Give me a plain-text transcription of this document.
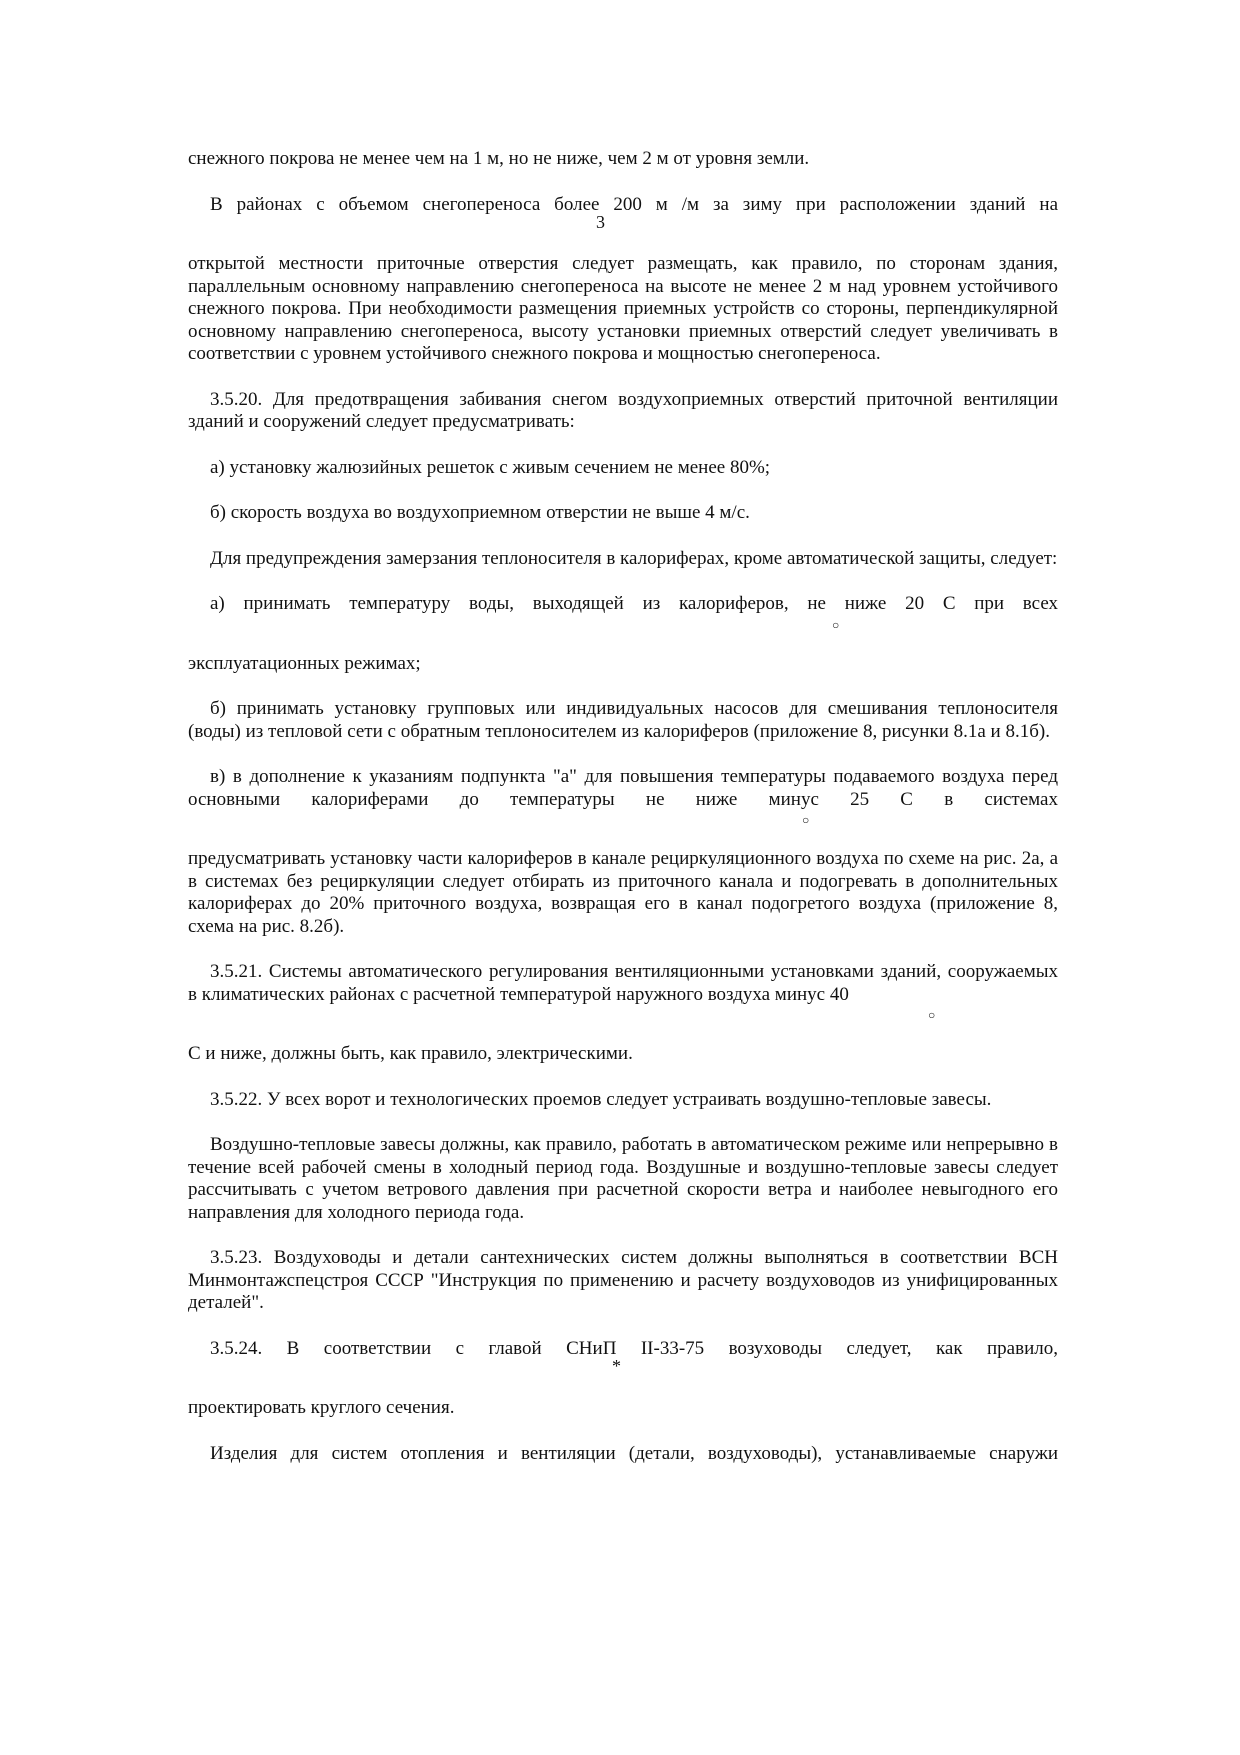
снежного покрова не менее чем на 1 м, но не ниже, чем 2 м от уровня земли.

В районах с объемом снегопереноса более 200 м /м за зиму при расположении зданий на

3

открытой местности приточные отверстия следует размещать, как правило, по сторонам здания, параллельным основному направлению снегопереноса на высоте не менее 2 м над уровнем устойчивого снежного покрова. При необходимости размещения приемных устройств со стороны, перпендикулярной основному направлению снегопереноса, высоту установки приемных отверстий следует увеличивать в соответствии с уровнем устойчивого снежного покрова и мощностью снегопереноса.

3.5.20. Для предотвращения забивания снегом воздухоприемных отверстий приточной вентиляции зданий и сооружений следует предусматривать:

а) установку жалюзийных решеток с живым сечением не менее 80%;

б) скорость воздуха во воздухоприемном отверстии не выше 4 м/с.

Для предупреждения замерзания теплоносителя в калориферах, кроме автоматической защиты, следует:

а) принимать температуру воды, выходящей из калориферов, не ниже 20 С при всех

○

эксплуатационных режимах;

б) принимать установку групповых или индивидуальных насосов для смешивания теплоносителя (воды) из тепловой сети с обратным теплоносителем из калориферов (приложение 8, рисунки 8.1а и 8.1б).

в) в дополнение к указаниям подпункта "а" для повышения температуры подаваемого воздуха перед основными калориферами до температуры не ниже минус 25 С в системах

○

предусматривать установку части калориферов в канале рециркуляционного воздуха по схеме на рис. 2а, а в системах без рециркуляции следует отбирать из приточного канала и подогревать в дополнительных калориферах до 20% приточного воздуха, возвращая его в канал подогретого воздуха (приложение 8, схема на рис. 8.2б).

3.5.21. Системы автоматического регулирования вентиляционными установками зданий, сооружаемых в климатических районах с расчетной температурой наружного воздуха минус 40

○

С и ниже, должны быть, как правило, электрическими.

3.5.22. У всех ворот и технологических проемов следует устраивать воздушно-тепловые завесы.

Воздушно-тепловые завесы должны, как правило, работать в автоматическом режиме или непрерывно в течение всей рабочей смены в холодный период года. Воздушные и воздушно-тепловые завесы следует рассчитывать с учетом ветрового давления при расчетной скорости ветра и наиболее невыгодного его направления для холодного периода года.

3.5.23. Воздуховоды и детали сантехнических систем должны выполняться в соответствии ВСН Минмонтажспецстроя СССР "Инструкция по применению и расчету воздуховодов из унифицированных деталей".

3.5.24. В соответствии с главой СНиП II-33-75 возуховоды следует, как правило,

*

проектировать круглого сечения.

Изделия для систем отопления и вентиляции (детали, воздуховоды), устанавливаемые снаружи
